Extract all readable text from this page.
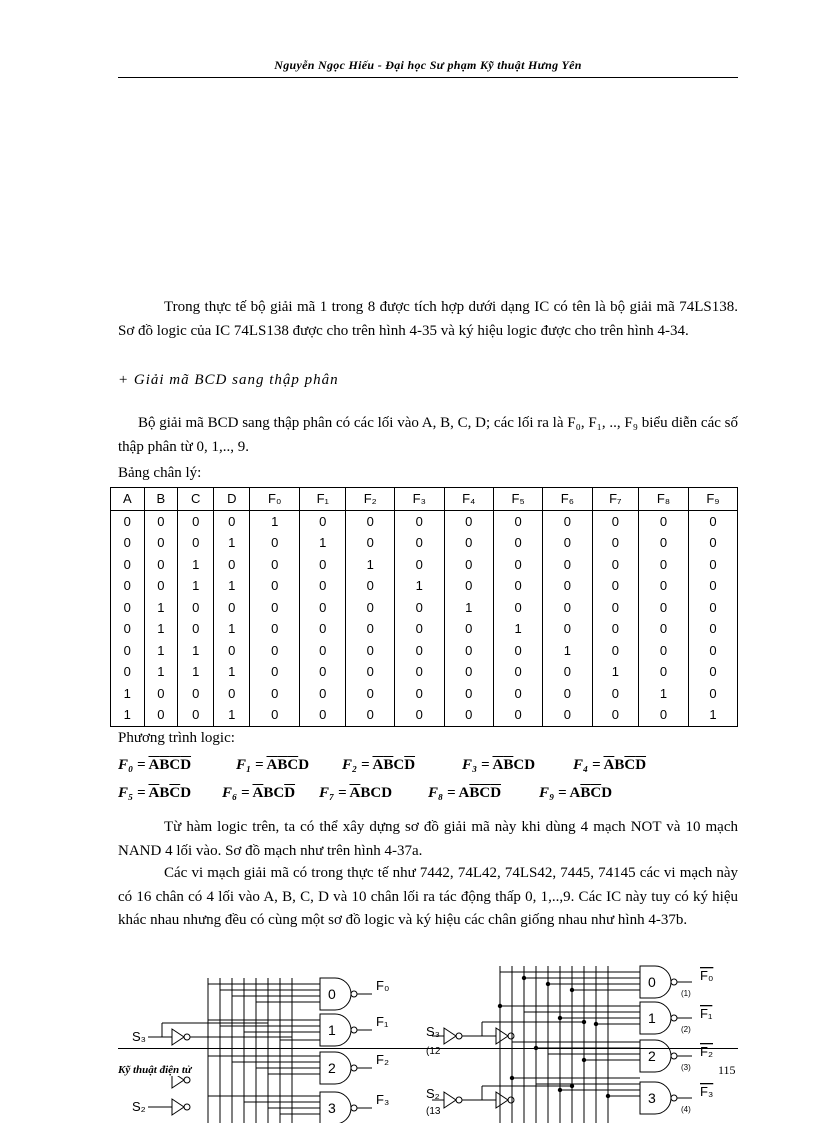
Nguyễn Ngọc Hiếu - Đại học Sư phạm Kỹ thuật Hưng Yên
Trong thực tế bộ giải mã 1 trong 8 được tích hợp dưới dạng IC có tên là bộ giải mã 74LS138. Sơ đồ logic của IC 74LS138 được cho trên hình 4-35 và ký hiệu logic được cho trên hình 4-34.
+ Giải mã BCD sang thập phân
Bộ giải mã BCD sang thập phân có các lối vào A, B, C, D; các lối ra là F₀, F₁, .., F₉ biểu diễn các số thập phân từ 0, 1,.., 9.
Bảng chân lý:
A	B	C	D	F₀	F₁	F₂	F₃	F₄	F₅	F₆	F₇	F₈	F₉
0	0	0	0	1	0	0	0	0	0	0	0	0	0
0	0	0	1	0	1	0	0	0	0	0	0	0	0
0	0	1	0	0	0	1	0	0	0	0	0	0	0
0	0	1	1	0	0	0	1	0	0	0	0	0	0
0	1	0	0	0	0	0	0	1	0	0	0	0	0
0	1	0	1	0	0	0	0	0	1	0	0	0	0
0	1	1	0	0	0	0	0	0	0	1	0	0	0
0	1	1	1	0	0	0	0	0	0	0	1	0	0
1	0	0	0	0	0	0	0	0	0	0	0	1	0
1	0	0	1	0	0	0	0	0	0	0	0	0	1
Phương trình logic:
$F_0 = \overline{A}\overline{B}\overline{C}\overline{D}$	$F_1 = \overline{A}\overline{B}\overline{C}D$ $F_2 = \overline{A}\overline{B}C\overline{D}$	$F_3 = \overline{A}\overline{B}CD$	$F_4 = \overline{A}B\overline{C}\overline{D}$
$F_5 = \overline{A}B\overline{C}D$ $F_6 = \overline{A}BC\overline{D}$ $F_7 = \overline{A}BCD$ $F_8 = A\overline{B}\overline{C}\overline{D}$	$F_9 = A\overline{B}\overline{C}D$
Từ hàm logic trên, ta có thể xây dựng sơ đồ giải mã này khi dùng 4 mạch NOT và 10 mạch NAND 4 lối vào. Sơ đồ mạch như trên hình 4-37a.
Các vi mạch giải mã có trong thực tế như 7442, 74L42, 74LS42, 7445, 74145 các vi mạch này có 16 chân có 4 lối vào A, B, C, D và 10 chân lối ra tác động thấp 0, 1,..,9. Các IC này tuy có ký hiệu khác nhau nhưng đều có cùng một sơ đồ logic và ký hiệu các chân giống nhau như hình 4-37b.
S₃
S₂
0
1
2
3
F₀
F₁
F₂
F₃
S₃
(12
S₂
(13
0
1
2
3
F₀
F₁
F₂
F₃
(1)
(2)
(3)
(4)
Kỹ thuật điện tử	115
